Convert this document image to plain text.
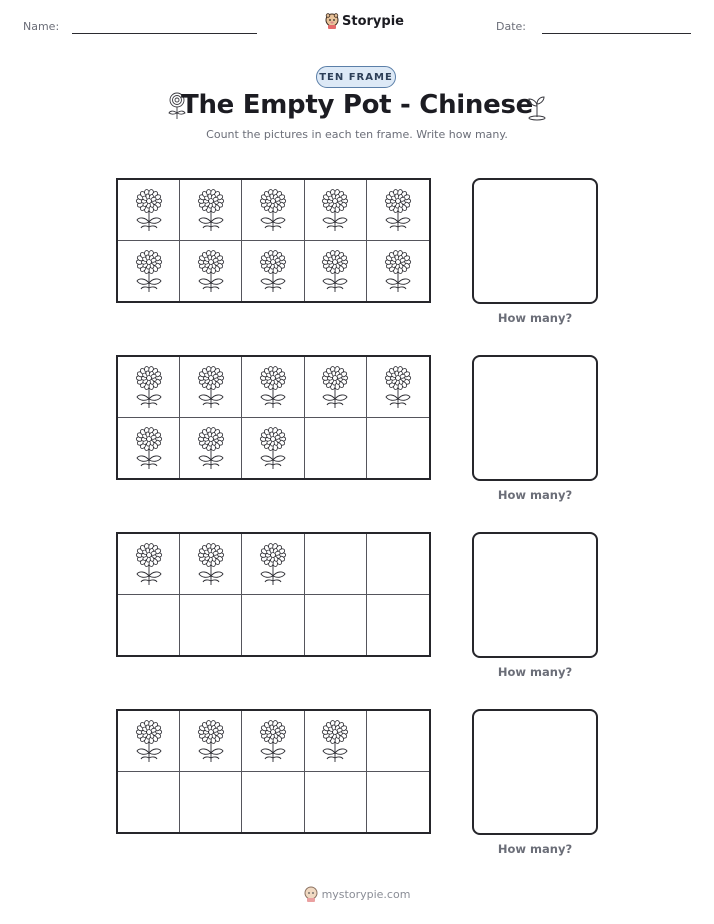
Name:	Storypie	Date:
TEN FRAME
The Empty Pot - Chinese
Count the pictures in each ten frame. Write how many.
How many?
How many?
How many?
How many?
mystorypie.com
